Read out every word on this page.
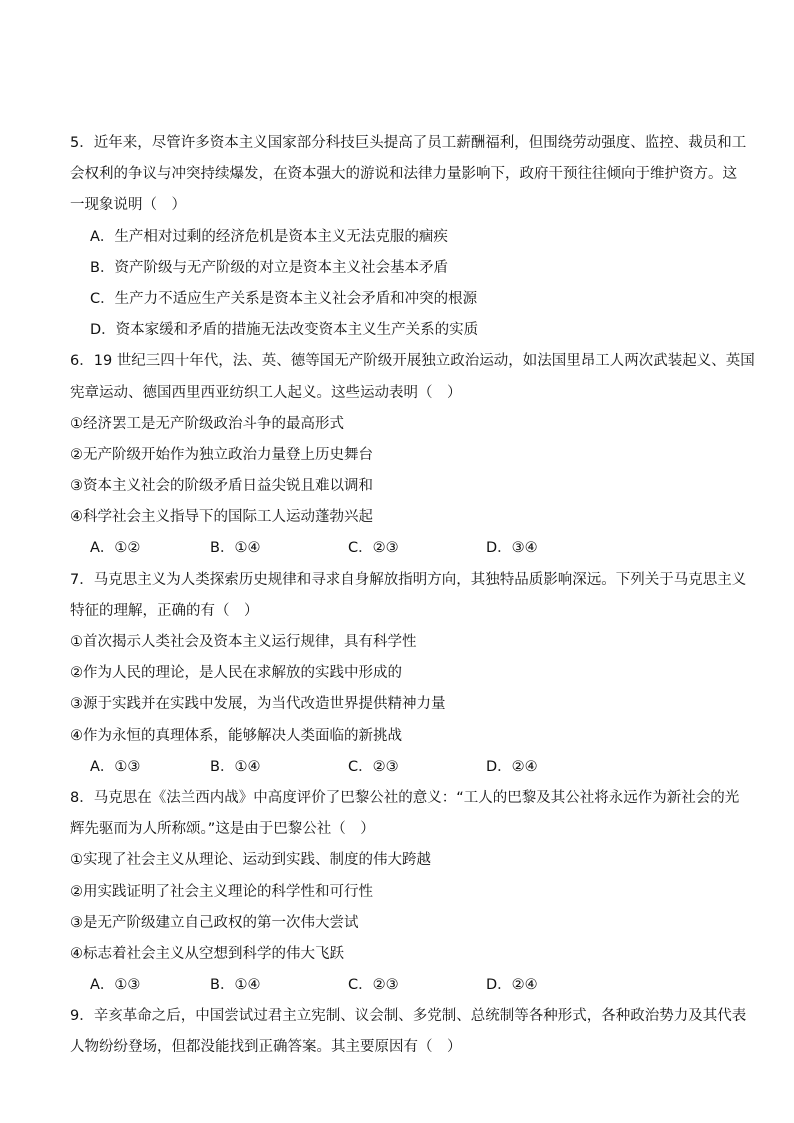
5．近年来，尽管许多资本主义国家部分科技巨头提高了员工薪酬福利，但围绕劳动强度、监控、裁员和工
会权利的争议与冲突持续爆发，在资本强大的游说和法律力量影响下，政府干预往往倾向于维护资方。这
一现象说明（　）
A．生产相对过剩的经济危机是资本主义无法克服的痼疾
B．资产阶级与无产阶级的对立是资本主义社会基本矛盾
C．生产力不适应生产关系是资本主义社会矛盾和冲突的根源
D．资本家缓和矛盾的措施无法改变资本主义生产关系的实质
6．19 世纪三四十年代，法、英、德等国无产阶级开展独立政治运动，如法国里昂工人两次武装起义、英国
宪章运动、德国西里西亚纺织工人起义。这些运动表明（　）
①经济罢工是无产阶级政治斗争的最高形式
②无产阶级开始作为独立政治力量登上历史舞台
③资本主义社会的阶级矛盾日益尖锐且难以调和
④科学社会主义指导下的国际工人运动蓬勃兴起
A．①②	B．①④	C．②③	D．③④
7．马克思主义为人类探索历史规律和寻求自身解放指明方向，其独特品质影响深远。下列关于马克思主义
特征的理解，正确的有（　）
①首次揭示人类社会及资本主义运行规律，具有科学性
②作为人民的理论，是人民在求解放的实践中形成的
③源于实践并在实践中发展，为当代改造世界提供精神力量
④作为永恒的真理体系，能够解决人类面临的新挑战
A．①③	B．①④	C．②③	D．②④
8．马克思在《法兰西内战》中高度评价了巴黎公社的意义：“工人的巴黎及其公社将永远作为新社会的光
辉先驱而为人所称颂。”这是由于巴黎公社（　）
①实现了社会主义从理论、运动到实践、制度的伟大跨越
②用实践证明了社会主义理论的科学性和可行性
③是无产阶级建立自己政权的第一次伟大尝试
④标志着社会主义从空想到科学的伟大飞跃
A．①③	B．①④	C．②③	D．②④
9．辛亥革命之后，中国尝试过君主立宪制、议会制、多党制、总统制等各种形式，各种政治势力及其代表
人物纷纷登场，但都没能找到正确答案。其主要原因有（　）
